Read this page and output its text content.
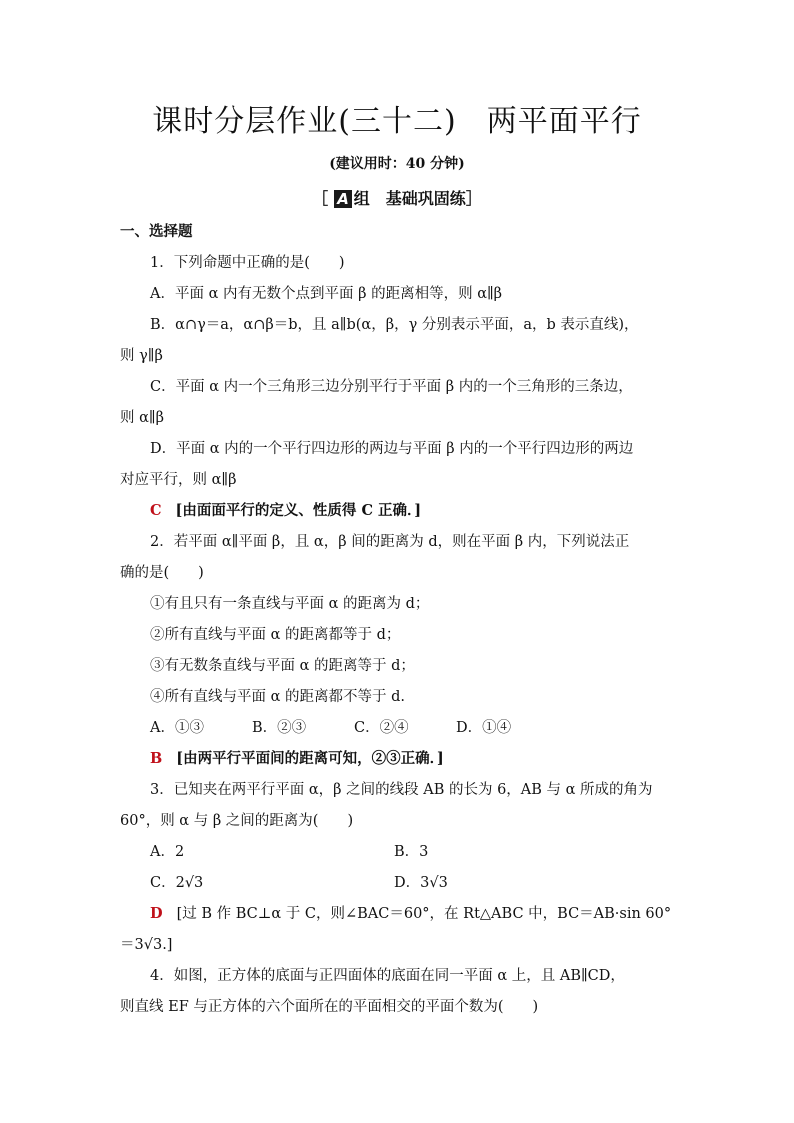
课时分层作业(三十二) 两平面平行
(建议用时：40 分钟)
［ A 组　基础巩固练］
一、选择题
1．下列命题中正确的是(　　)
A．平面 α 内有无数个点到平面 β 的距离相等，则 α∥β
B．α∩γ＝a，α∩β＝b，且 a∥b(α，β，γ 分别表示平面，a，b 表示直线)，
则 γ∥β
C．平面 α 内一个三角形三边分别平行于平面 β 内的一个三角形的三条边，
则 α∥β
D．平面 α 内的一个平行四边形的两边与平面 β 内的一个平行四边形的两边
对应平行，则 α∥β
C [由面面平行的定义、性质得 C 正确．]
2．若平面 α∥平面 β，且 α，β 间的距离为 d，则在平面 β 内，下列说法正
确的是(　　)
①有且只有一条直线与平面 α 的距离为 d；
②所有直线与平面 α 的距离都等于 d；
③有无数条直线与平面 α 的距离等于 d；
④所有直线与平面 α 的距离都不等于 d.
A．①③	B．②③	C．②④	D．①④
B [由两平行平面间的距离可知，②③正确．]
3．已知夹在两平行平面 α，β 之间的线段 AB 的长为 6，AB 与 α 所成的角为
60°，则 α 与 β 之间的距离为(　　)
A．2	B．3
C．2√3	D．3√3
D [过 B 作 BC⊥α 于 C，则∠BAC＝60°，在 Rt△ABC 中，BC＝AB·sin 60°
＝3√3.]
4．如图，正方体的底面与正四面体的底面在同一平面 α 上，且 AB∥CD，
则直线 EF 与正方体的六个面所在的平面相交的平面个数为(　　)
